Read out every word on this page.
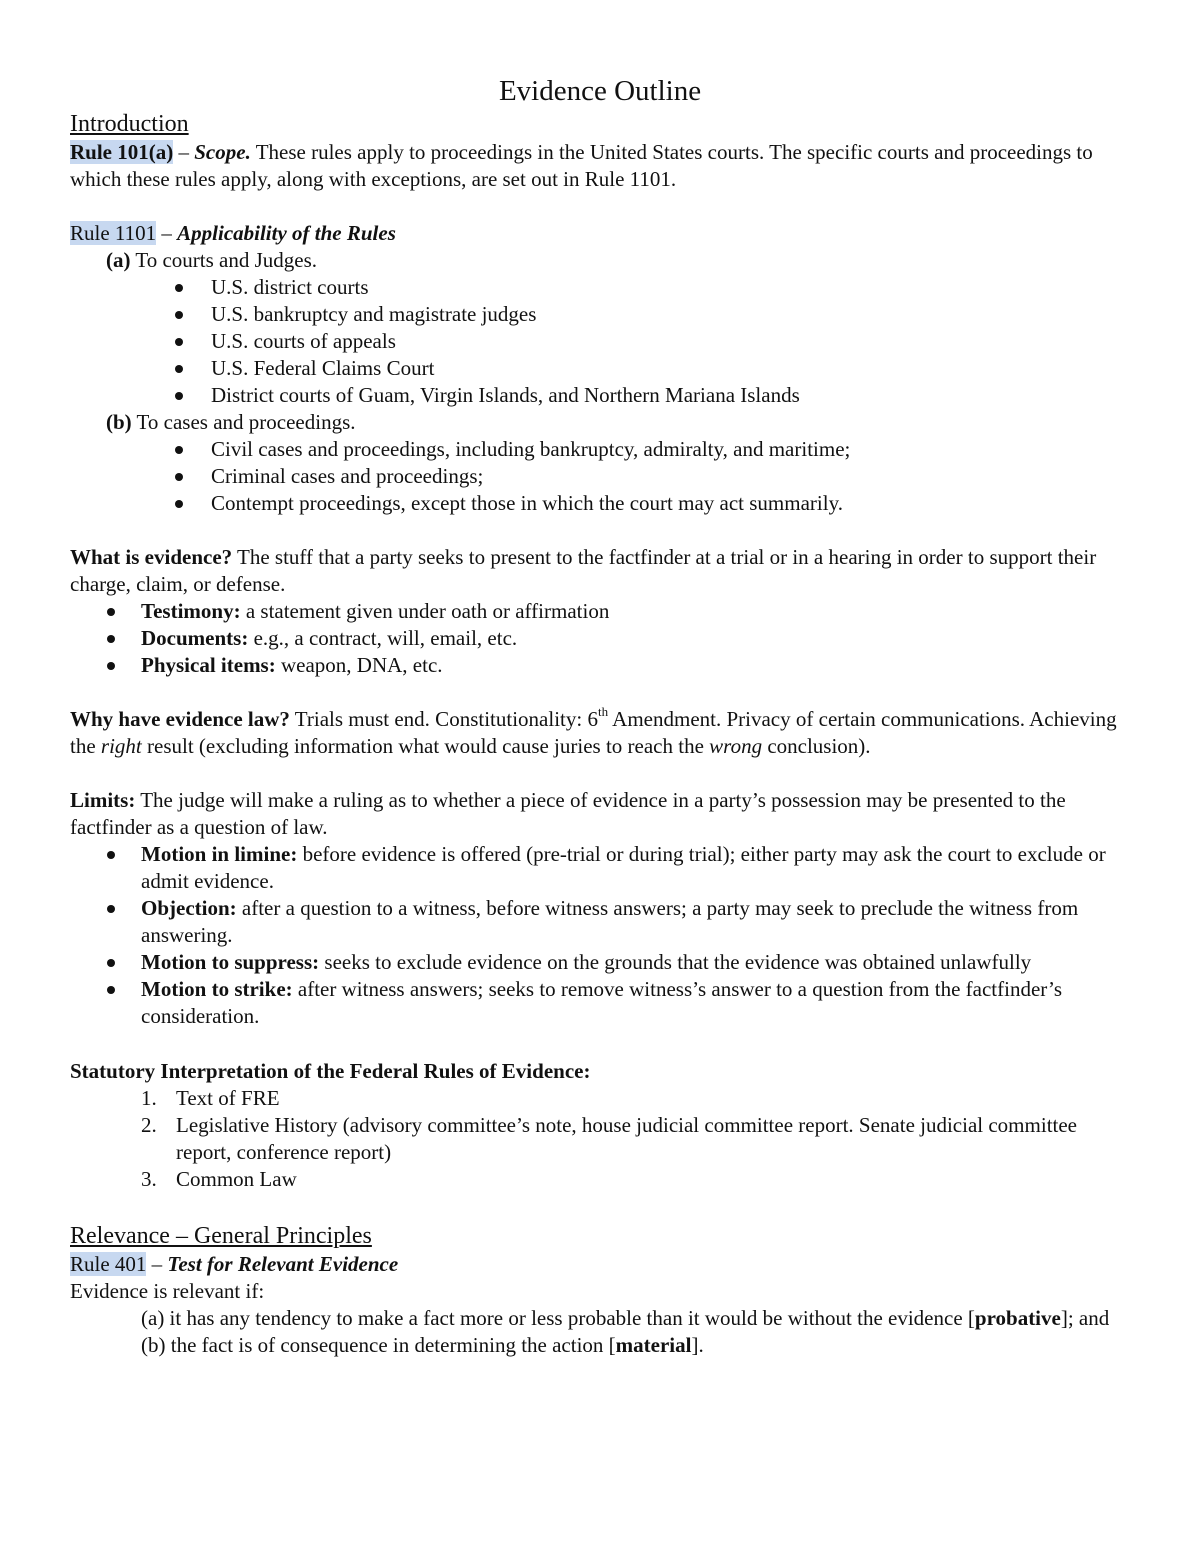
Evidence Outline
Introduction

Rule 101(a) – Scope. These rules apply to proceedings in the United States courts. The specific courts and proceedings to which these rules apply, along with exceptions, are set out in Rule 1101.

Rule 1101 – Applicability of the Rules

(a) To courts and Judges.

U.S. district courts
U.S. bankruptcy and magistrate judges
U.S. courts of appeals
U.S. Federal Claims Court
District courts of Guam, Virgin Islands, and Northern Mariana Islands

(b) To cases and proceedings.

Civil cases and proceedings, including bankruptcy, admiralty, and maritime;
Criminal cases and proceedings;
Contempt proceedings, except those in which the court may act summarily.

What is evidence? The stuff that a party seeks to present to the factfinder at a trial or in a hearing in order to support their charge, claim, or defense.

Testimony: a statement given under oath or affirmation
Documents: e.g., a contract, will, email, etc.
Physical items: weapon, DNA, etc.

Why have evidence law? Trials must end. Constitutionality: 6th Amendment. Privacy of certain communications. Achieving the right result (excluding information what would cause juries to reach the wrong conclusion).

Limits: The judge will make a ruling as to whether a piece of evidence in a party’s possession may be presented to the factfinder as a question of law.

Motion in limine: before evidence is offered (pre-trial or during trial); either party may ask the court to exclude or admit evidence.
Objection: after a question to a witness, before witness answers; a party may seek to preclude the witness from answering.
Motion to suppress: seeks to exclude evidence on the grounds that the evidence was obtained unlawfully
Motion to strike: after witness answers; seeks to remove witness’s answer to a question from the factfinder’s consideration.

Statutory Interpretation of the Federal Rules of Evidence:

1. Text of FRE
2. Legislative History (advisory committee’s note, house judicial committee report. Senate judicial committee report, conference report)
3. Common Law
Relevance – General Principles

Rule 401 – Test for Relevant Evidence

Evidence is relevant if:

(a) it has any tendency to make a fact more or less probable than it would be without the evidence [probative]; and

(b) the fact is of consequence in determining the action [material].
